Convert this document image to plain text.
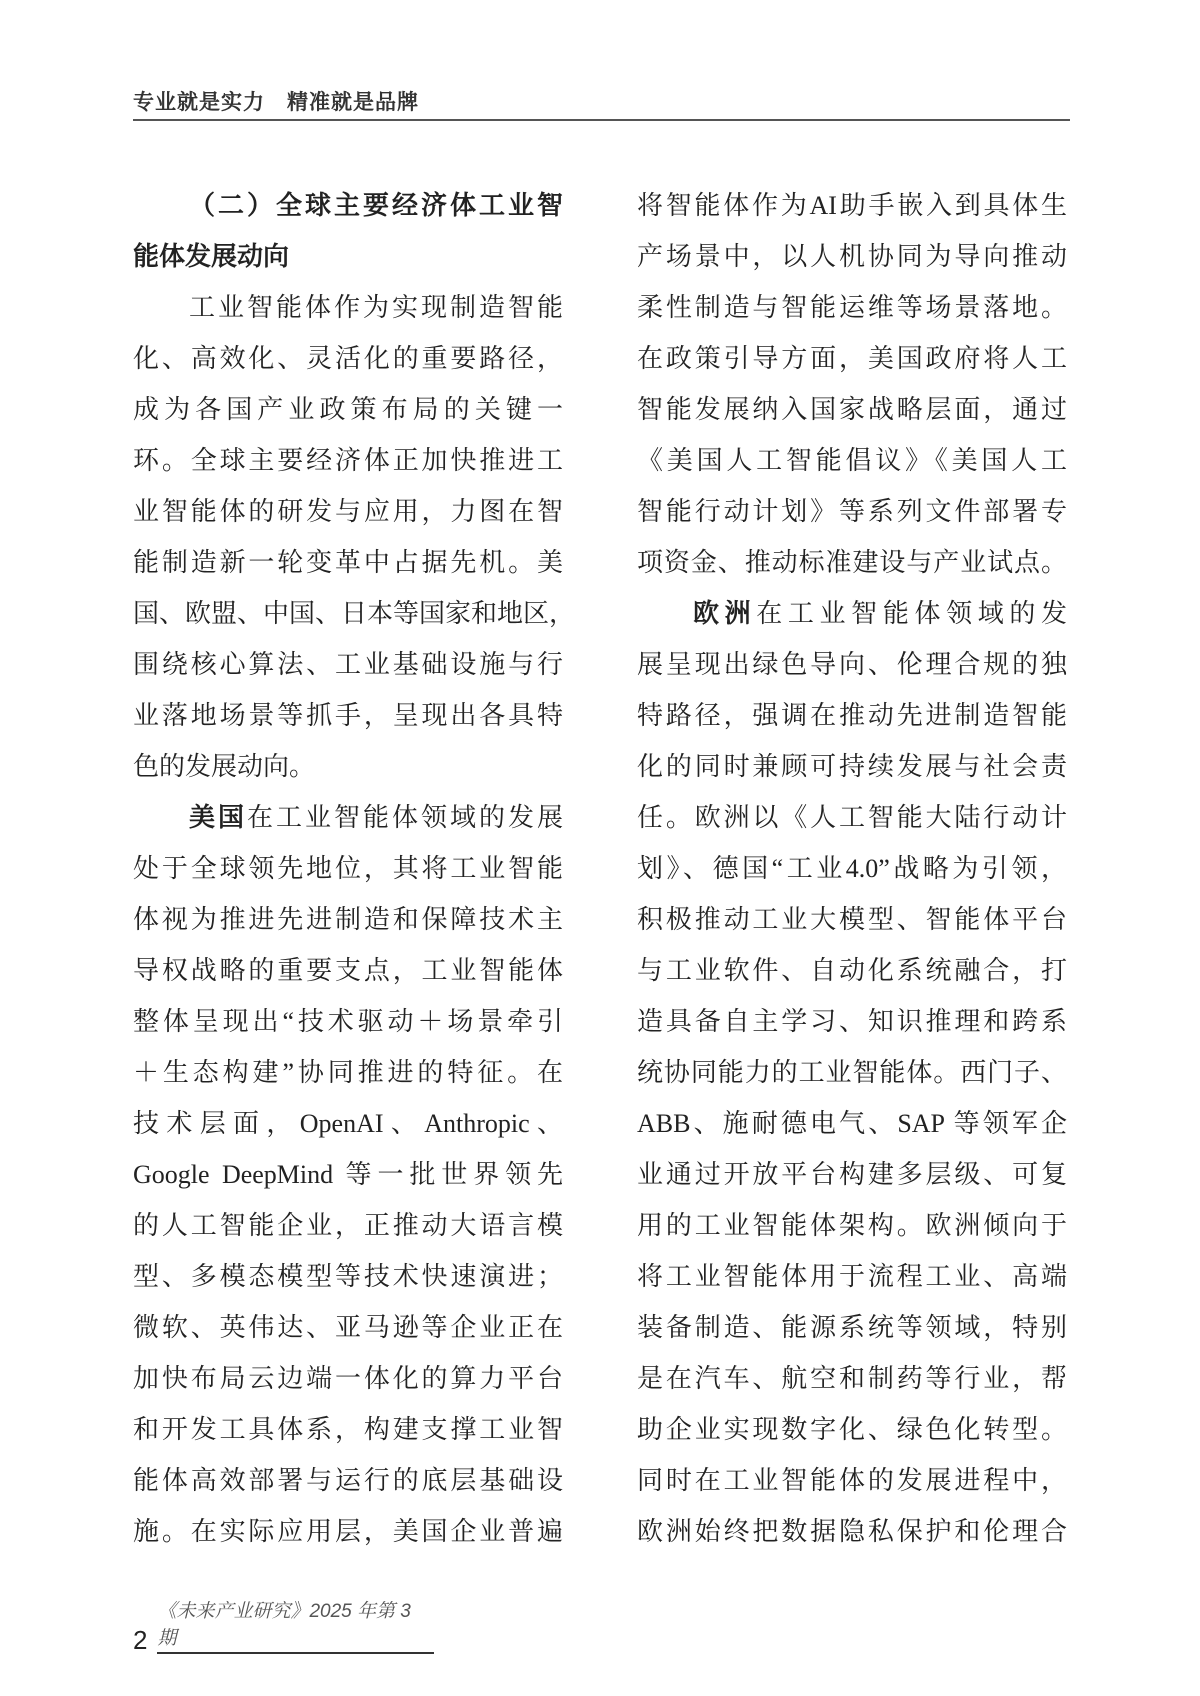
专业就是实力 精准就是品牌
（二）全球主要经济体工业智
能体发展动向
工业智能体作为实现制造智能
化、高效化、灵活化的重要路径，
成为各国产业政策布局的关键一
环。全球主要经济体正加快推进工
业智能体的研发与应用，力图在智
能制造新一轮变革中占据先机。美
国、欧盟、中国、日本等国家和地区，
围绕核心算法、工业基础设施与行
业落地场景等抓手，呈现出各具特
色的发展动向。
美国在工业智能体领域的发展
处于全球领先地位，其将工业智能
体视为推进先进制造和保障技术主
导权战略的重要支点，工业智能体
整体呈现出“技术驱动＋场景牵引
＋生态构建”协同推进的特征。在
技术层面，OpenAI、Anthropic、
Google DeepMind 等一批世界领先
的人工智能企业，正推动大语言模
型、多模态模型等技术快速演进；
微软、英伟达、亚马逊等企业正在
加快布局云边端一体化的算力平台
和开发工具体系，构建支撑工业智
能体高效部署与运行的底层基础设
施。在实际应用层，美国企业普遍
将智能体作为AI助手嵌入到具体生
产场景中，以人机协同为导向推动
柔性制造与智能运维等场景落地。
在政策引导方面，美国政府将人工
智能发展纳入国家战略层面，通过
《美国人工智能倡议》《美国人工
智能行动计划》等系列文件部署专
项资金、推动标准建设与产业试点。
欧洲在工业智能体领域的发
展呈现出绿色导向、伦理合规的独
特路径，强调在推动先进制造智能
化的同时兼顾可持续发展与社会责
任。欧洲以《人工智能大陆行动计
划》、德国“工业4.0”战略为引领，
积极推动工业大模型、智能体平台
与工业软件、自动化系统融合，打
造具备自主学习、知识推理和跨系
统协同能力的工业智能体。西门子、
ABB、施耐德电气、SAP 等领军企
业通过开放平台构建多层级、可复
用的工业智能体架构。欧洲倾向于
将工业智能体用于流程工业、高端
装备制造、能源系统等领域，特别
是在汽车、航空和制药等行业，帮
助企业实现数字化、绿色化转型。
同时在工业智能体的发展进程中，
欧洲始终把数据隐私保护和伦理合
2
《未来产业研究》2025 年第 3 期
